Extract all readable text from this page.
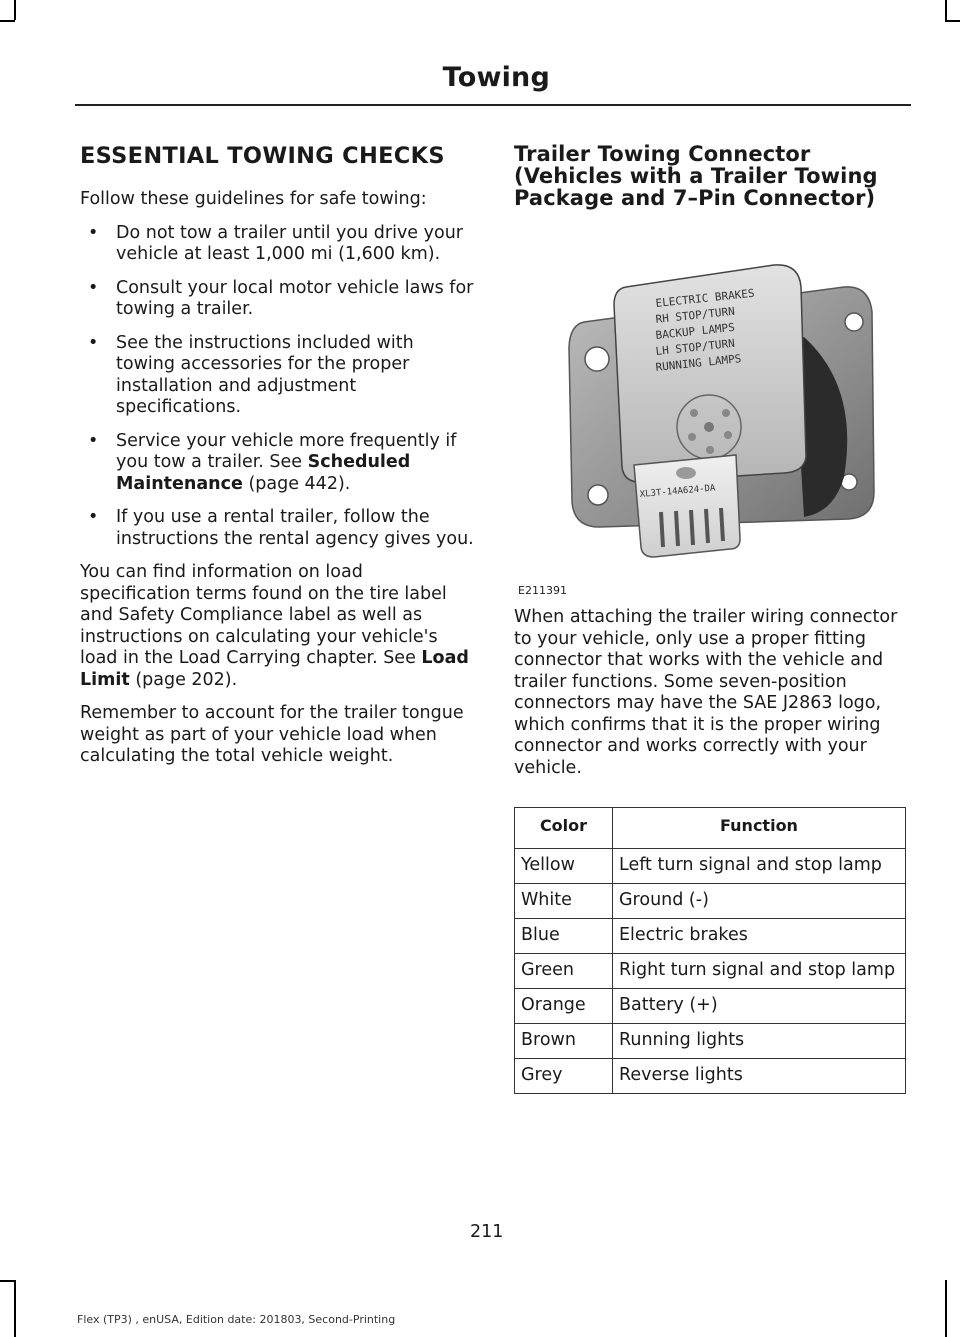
Towing
ESSENTIAL TOWING CHECKS

Follow these guidelines for safe towing:

• Do not tow a trailer until you drive your vehicle at least 1,000 mi (1,600 km).
• Consult your local motor vehicle laws for towing a trailer.
• See the instructions included with towing accessories for the proper installation and adjustment specifications.
• Service your vehicle more frequently if you tow a trailer. See Scheduled Maintenance (page 442).
• If you use a rental trailer, follow the instructions the rental agency gives you.

You can find information on load specification terms found on the tire label and Safety Compliance label as well as instructions on calculating your vehicle's load in the Load Carrying chapter. See Load Limit (page 202).

Remember to account for the trailer tongue weight as part of your vehicle load when calculating the total vehicle weight.

Trailer Towing Connector
(Vehicles with a Trailer Towing
Package and 7–Pin Connector)
ELECTRIC BRAKES
RH STOP/TURN
BACKUP LAMPS
LH STOP/TURN
RUNNING LAMPS
XL3T-14A624-DA
E211391

When attaching the trailer wiring connector to your vehicle, only use a proper fitting connector that works with the vehicle and trailer functions. Some seven-position connectors may have the SAE J2863 logo, which confirms that it is the proper wiring connector and works correctly with your vehicle.

Color	Function
Yellow	Left turn signal and stop lamp
White	Ground (-)
Blue	Electric brakes
Green	Right turn signal and stop lamp
Orange	Battery (+)
Brown	Running lights
Grey	Reverse lights
211
Flex (TP3) , enUSA, Edition date: 201803, Second-Printing
